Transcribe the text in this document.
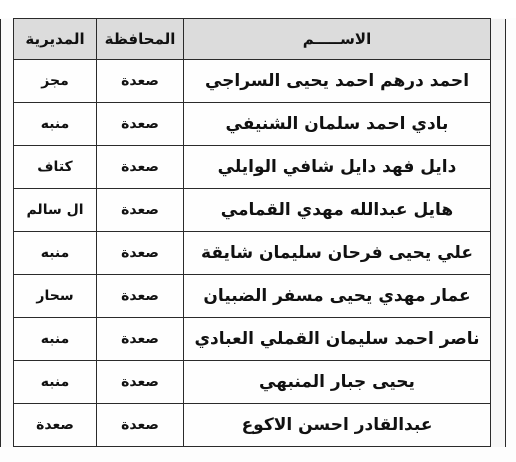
	الاســـــم	المحافظة	المديرية	
	احمد درهم احمد يحيى السراجي	صعدة	مجز	
	بادي احمد سلمان الشنيفي	صعدة	منبه	
	دايل فهد دايل شافي الوايلي	صعدة	كتاف	
	هايل عبدالله مهدي القمامي	صعدة	ال سالم	
	علي يحيى فرحان سليمان شايقة	صعدة	منبه	
	عمار مهدي يحيى مسفر الضبيان	صعدة	سحار	
	ناصر احمد سليمان القملي العبادي	صعدة	منبه	
	يحيى جبار المنبهي	صعدة	منبه	
	عبدالقادر احسن الاكوع	صعدة	صعدة	
